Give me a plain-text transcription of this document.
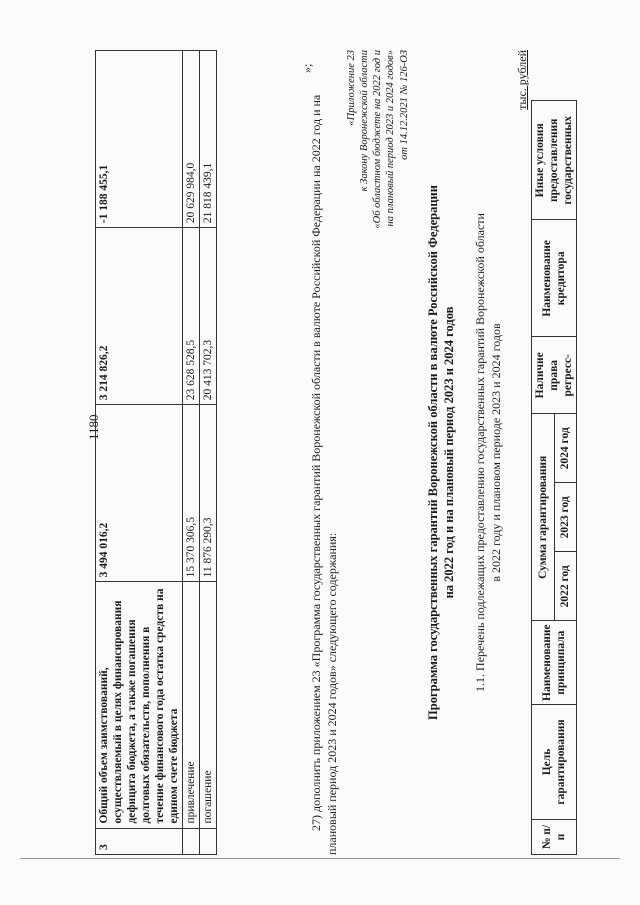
1180
3	Общий объем заимствований, осуществляемый в целях финансирования дефицита бюджета, а также погашения долговых обязательств, пополнения в течение финансового года остатка средств на едином счете бюджета	3 494 016,2	3 214 826,2	-1 188 455,1
	привлечение	15 370 306,5	23 628 528,5	20 629 984,0
	погашение	11 876 290,3	20 413 702,3	21 818 439,1
»;
27) дополнить приложением 23 «Программа государственных гарантий Воронежской области в валюте Российской Федерации на 2022 год и на плановый период 2023 и 2024 годов» следующего содержания:
«Приложение 23 к Закону Воронежской области «Об областном бюджете на 2022 год и на плановый период 2023 и 2024 годов» от 14.12.2021 № 126-ОЗ
Программа государственных гарантий Воронежской области в валюте Российской Федерации на 2022 год и на плановый период 2023 и 2024 годов 1.1. Перечень подлежащих предоставлению государственных гарантий Воронежской области в 2022 году и плановом периоде 2023 и 2024 годов
тыс. рублей
№ п/п	Цель гарантирования	Наименование принципала	Сумма гарантирования			Наличие права регресс-	Наименование кредитора	Иные условия предоставления государственных
			2022 год	2023 год	2024 год			
